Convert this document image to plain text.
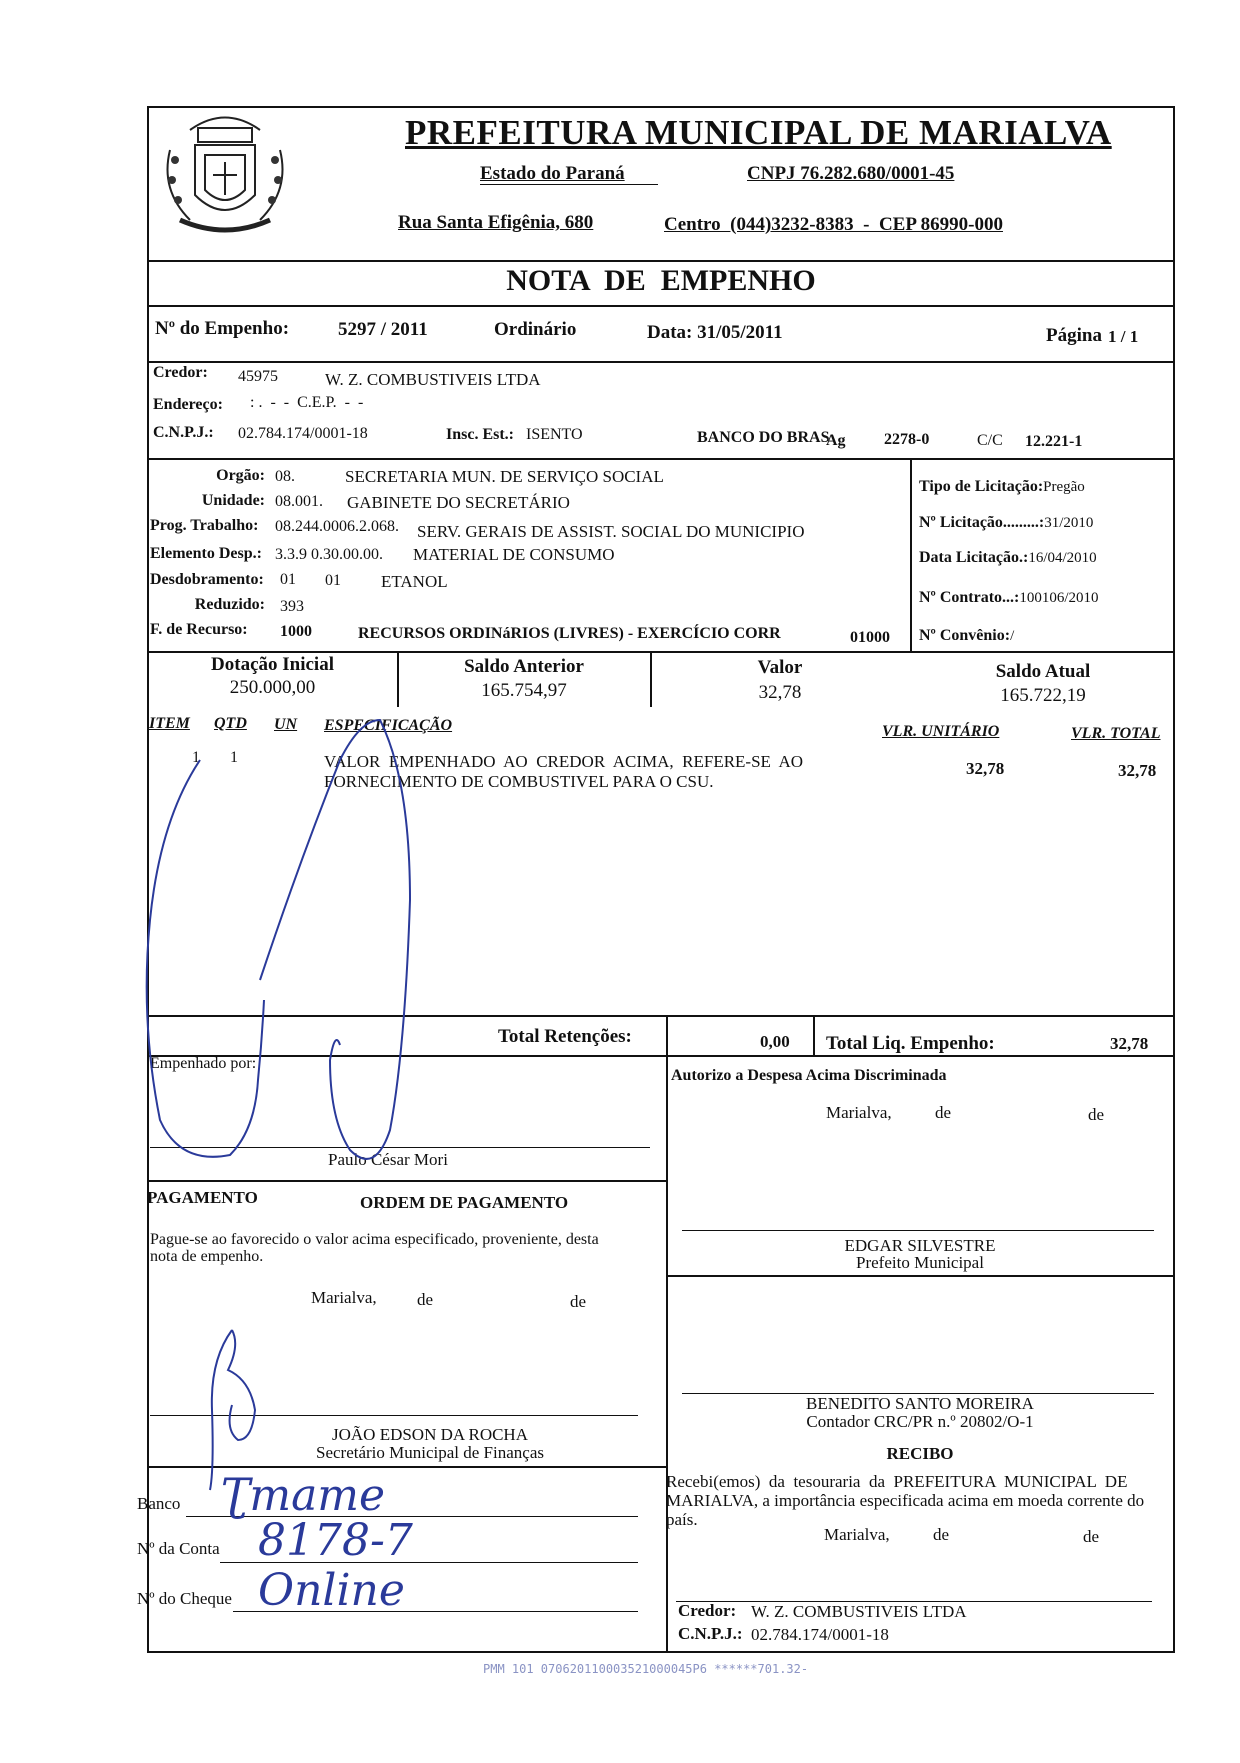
PREFEITURA MUNICIPAL DE MARIALVA
Estado do Paraná	CNPJ 76.282.680/0001-45
Rua Santa Efigênia, 680	Centro  (044)3232-8383  -  CEP 86990-000
NOTA  DE  EMPENHO
Nº do Empenho:	5297 / 2011	Ordinário	Data: 31/05/2011	Página 1 / 1
Credor: 45975	W. Z. COMBUSTIVEIS LTDA
Endereço: : .  -  -  C.E.P.  -  -
C.N.P.J.: 02.784.174/0001-18	Insc. Est.: ISENTO	BANCO DO BRAS
Ag 2278-0	C/C 12.221-1
Orgão: 08.	SECRETARIA MUN. DE SERVIÇO SOCIAL
Unidade: 08.001. GABINETE DO SECRETÁRIO
Prog. Trabalho: 08.244.0006.2.068. SERV. GERAIS DE ASSIST. SOCIAL DO MUNICIPIO
Elemento Desp.: 3.3.9 0.30.00.00. MATERIAL DE CONSUMO
Desdobramento: 01 01 ETANOL
Reduzido: 393
F. de Recurso: 1000	RECURSOS ORDINáRIOS (LIVRES) - EXERCÍCIO CORR	01000
Tipo de Licitação:Pregão
Nº Licitação.........:31/2010
Data Licitação.:16/04/2010
Nº Contrato...:100106/2010
Nº Convênio:/
Dotação Inicial
250.000,00
Saldo Anterior
165.754,97
Valor
32,78
Saldo Atual
165.722,19
ITEM QTD UN ESPECIFICAÇÃO	VLR. UNITÁRIO	VLR. TOTAL
1 1	VALOR  EMPENHADO  AO  CREDOR  ACIMA,  REFERE-SE  AO
FORNECIMENTO DE COMBUSTIVEL PARA O CSU.
32,78	32,78
Total Retenções:	0,00 Total Liq. Empenho:	32,78
Empenhado por:
Paulo César Mori
Autorizo a Despesa Acima Discriminada
Marialva,	de	de
EDGAR SILVESTRE
Prefeito Municipal
PAGAMENTO	ORDEM DE PAGAMENTO
Pague-se ao favorecido o valor acima especificado, proveniente, desta
nota de empenho.
Marialva, de	de
BENEDITO SANTO MOREIRA
Contador CRC/PR n.º 20802/O-1
JOÃO EDSON DA ROCHA
Secretário Municipal de Finanças
Banco Ʈmame
Nº da Conta 8178-7
Nº do Cheque Online
RECIBO
Recebi(emos)  da  tesouraria  da  PREFEITURA  MUNICIPAL  DE
MARIALVA, a importância especificada acima em moeda corrente do
país.
Marialva,	de	de
Credor: W. Z. COMBUSTIVEIS LTDA
C.N.P.J.: 02.784.174/0001-18
PMM 101 070620110003521000045P6 ******701.32-
